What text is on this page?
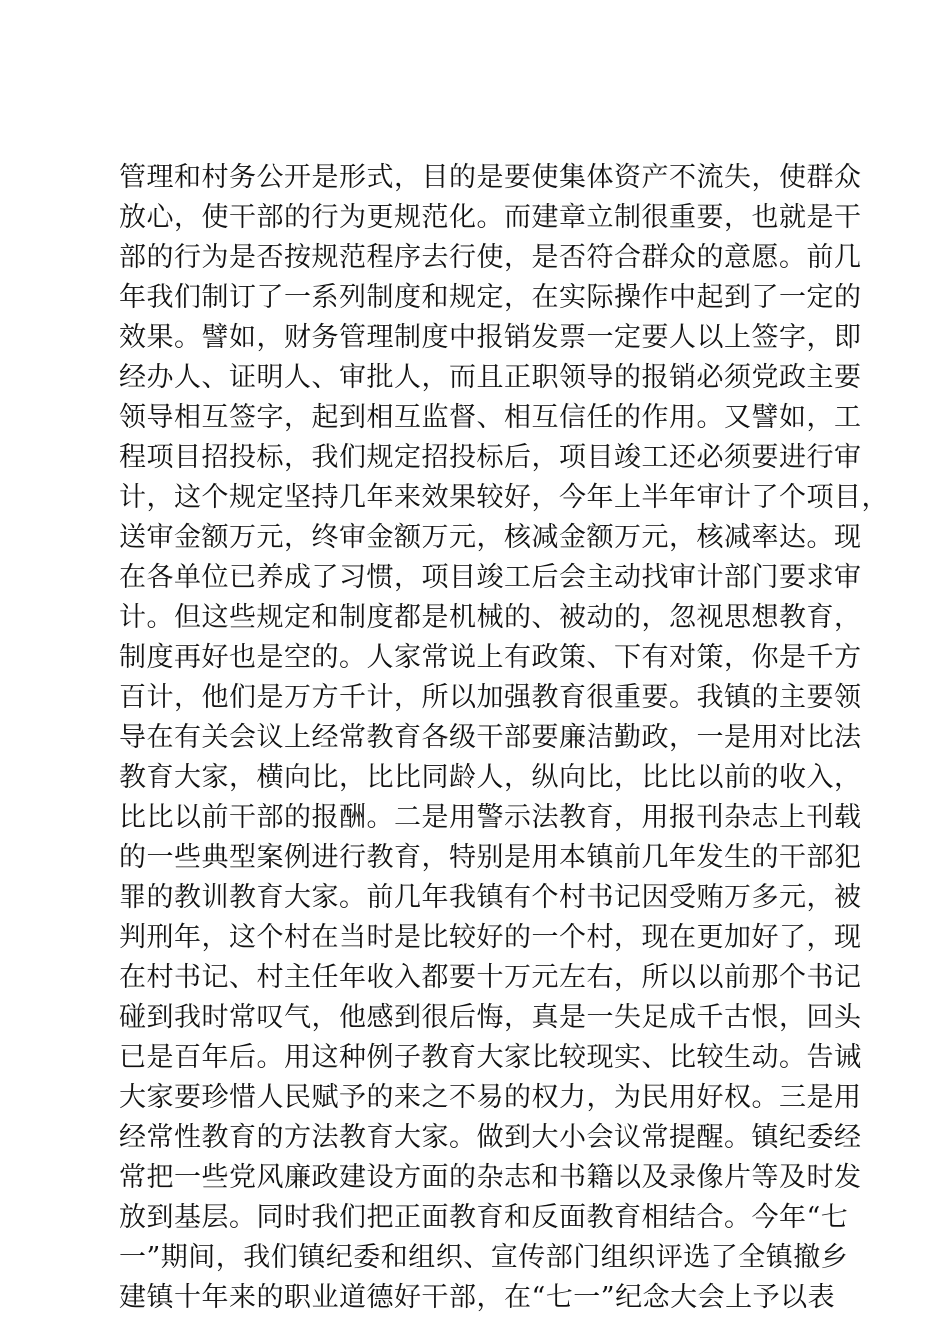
管理和村务公开是形式，目的是要使集体资产不流失，使群众
放心，使干部的行为更规范化。而建章立制很重要，也就是干
部的行为是否按规范程序去行使，是否符合群众的意愿。前几
年我们制订了一系列制度和规定，在实际操作中起到了一定的
效果。譬如，财务管理制度中报销发票一定要人以上签字，即
经办人、证明人、审批人，而且正职领导的报销必须党政主要
领导相互签字，起到相互监督、相互信任的作用。又譬如，工
程项目招投标，我们规定招投标后，项目竣工还必须要进行审
计，这个规定坚持几年来效果较好，今年上半年审计了个项目，
送审金额万元，终审金额万元，核减金额万元，核减率达。现
在各单位已养成了习惯，项目竣工后会主动找审计部门要求审
计。但这些规定和制度都是机械的、被动的，忽视思想教育，
制度再好也是空的。人家常说上有政策、下有对策，你是千方
百计，他们是万方千计，所以加强教育很重要。我镇的主要领
导在有关会议上经常教育各级干部要廉洁勤政，一是用对比法
教育大家，横向比，比比同龄人，纵向比，比比以前的收入，
比比以前干部的报酬。二是用警示法教育，用报刊杂志上刊载
的一些典型案例进行教育，特别是用本镇前几年发生的干部犯
罪的教训教育大家。前几年我镇有个村书记因受贿万多元，被
判刑年，这个村在当时是比较好的一个村，现在更加好了，现
在村书记、村主任年收入都要十万元左右，所以以前那个书记
碰到我时常叹气，他感到很后悔，真是一失足成千古恨，回头
已是百年后。用这种例子教育大家比较现实、比较生动。告诫
大家要珍惜人民赋予的来之不易的权力，为民用好权。三是用
经常性教育的方法教育大家。做到大小会议常提醒。镇纪委经
常把一些党风廉政建设方面的杂志和书籍以及录像片等及时发
放到基层。同时我们把正面教育和反面教育相结合。今年“七
一”期间，我们镇纪委和组织、宣传部门组织评选了全镇撤乡
建镇十年来的职业道德好干部，在“七一”纪念大会上予以表
